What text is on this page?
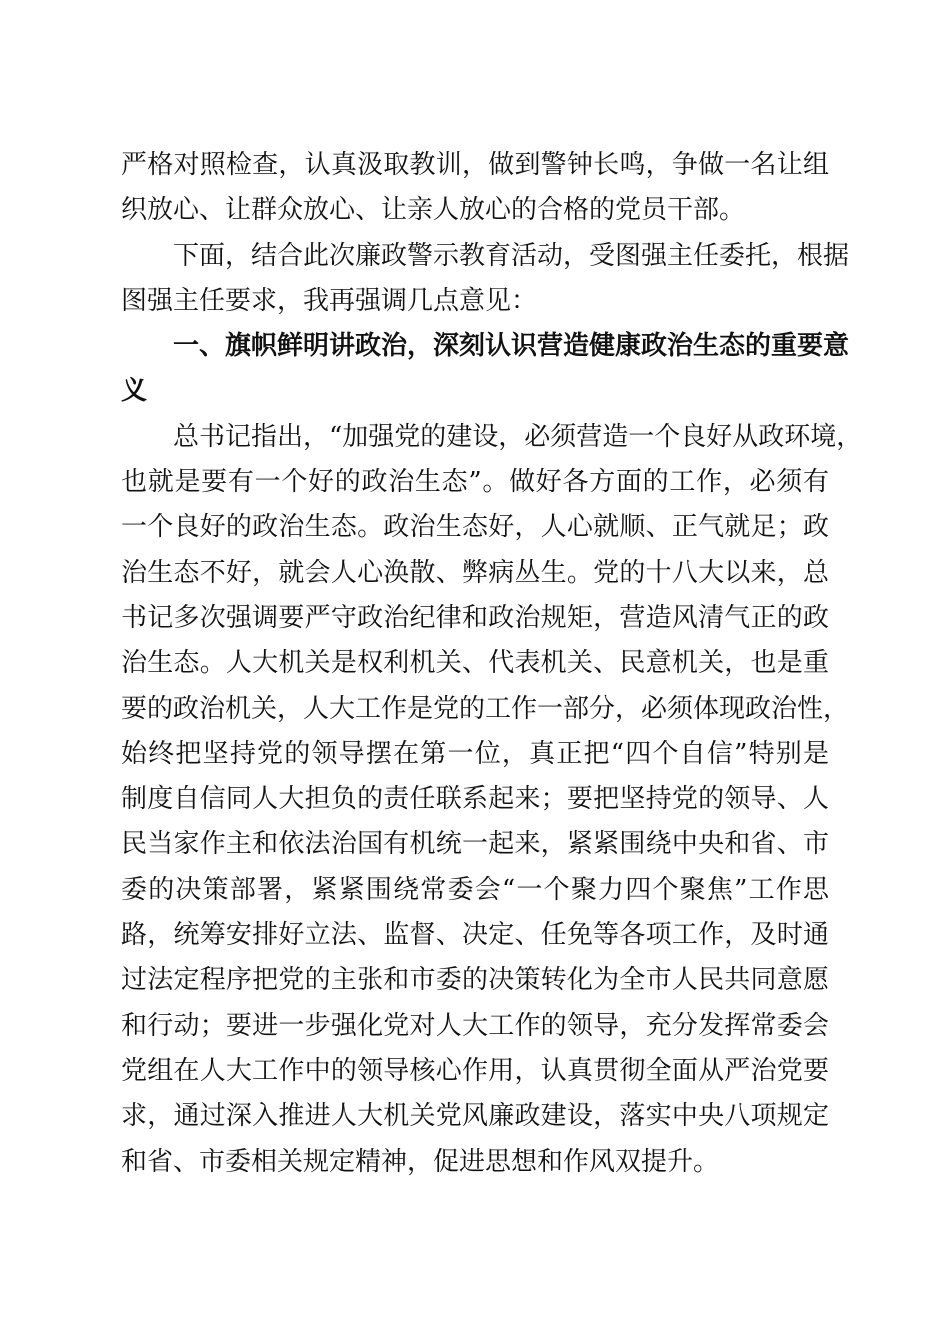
严格对照检查，认真汲取教训，做到警钟长鸣，争做一名让组
织放心、让群众放心、让亲人放心的合格的党员干部。
下面，结合此次廉政警示教育活动，受图强主任委托，根据
图强主任要求，我再强调几点意见：
一、旗帜鲜明讲政治，深刻认识营造健康政治生态的重要意
义
总书记指出，“加强党的建设，必须营造一个良好从政环境，
也就是要有一个好的政治生态”。做好各方面的工作，必须有
一个良好的政治生态。政治生态好，人心就顺、正气就足；政
治生态不好，就会人心涣散、弊病丛生。党的十八大以来，总
书记多次强调要严守政治纪律和政治规矩，营造风清气正的政
治生态。人大机关是权利机关、代表机关、民意机关，也是重
要的政治机关，人大工作是党的工作一部分，必须体现政治性，
始终把坚持党的领导摆在第一位，真正把“四个自信”特别是
制度自信同人大担负的责任联系起来；要把坚持党的领导、人
民当家作主和依法治国有机统一起来，紧紧围绕中央和省、市
委的决策部署，紧紧围绕常委会“一个聚力四个聚焦”工作思
路，统筹安排好立法、监督、决定、任免等各项工作，及时通
过法定程序把党的主张和市委的决策转化为全市人民共同意愿
和行动；要进一步强化党对人大工作的领导，充分发挥常委会
党组在人大工作中的领导核心作用，认真贯彻全面从严治党要
求，通过深入推进人大机关党风廉政建设，落实中央八项规定
和省、市委相关规定精神，促进思想和作风双提升。
